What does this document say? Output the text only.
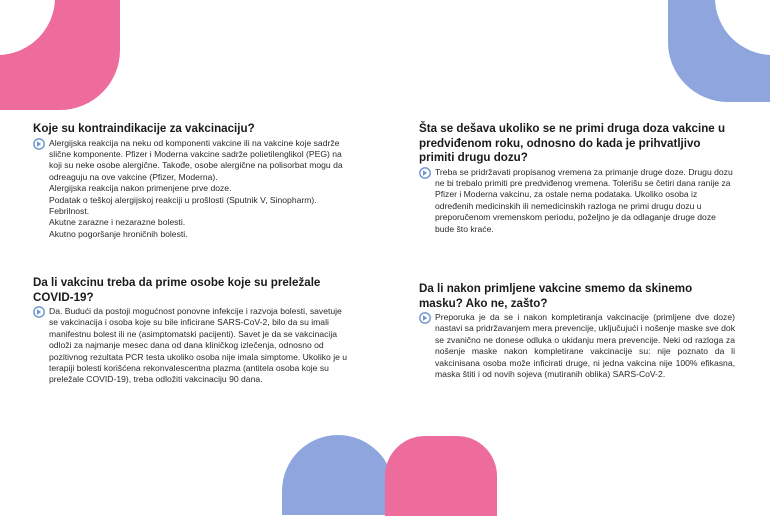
Koje su kontraindikacije za vakcinaciju?

Alergijska reakcija na neku od komponenti vakcine ili na vakcine koje sadrže slične komponente. Pfizer i Moderna vakcine sadrže polietilenglikol (PEG) na koji su neke osobe alergične. Takođe, osobe alergične na polisorbat mogu da odreaguju na ove vakcine (Pfizer, Moderna).

Alergijska reakcija nakon primenjene prve doze.

Podatak o teškoj alergijskoj reakciji u prošlosti (Sputnik V, Sinopharm).

Febrilnost.

Akutne zarazne i nezarazne bolesti.

Akutno pogoršanje hroničnih bolesti.

Da li vakcinu treba da prime osobe koje su preležale COVID-19?

Da. Budući da postoji mogućnost ponovne infekcije i razvoja bolesti, savetuje se vakcinacija i osoba koje su bile inficirane SARS-CoV-2, bilo da su imali manifestnu bolest ili ne (asimptomatski pacijenti). Savet je da se vakcinacija odloži za najmanje mesec dana od dana kliničkog izlečenja, odnosno od pozitivnog rezultata PCR testa ukoliko osoba nije imala simptome. Ukoliko je u terapiji bolesti korišćena rekonvalescentna plazma (antitela osoba koje su preležale COVID-19), treba odložiti vakcinaciju 90 dana.

Šta se dešava ukoliko se ne primi druga doza vakcine u predviđenom roku, odnosno do kada je prihvatljivo primiti drugu dozu?

Treba se pridržavati propisanog vremena za primanje druge doze. Drugu dozu ne bi trebalo primiti pre predviđenog vremena. Tolerišu se četiri dana ranije za Pfizer i Moderna vakcinu, za ostale nema podataka. Ukoliko osoba iz određenih medicinskih ili nemedicinskih razloga ne primi drugu dozu u preporučenom vremenskom periodu, poželjno je da odlaganje druge doze bude što kraće.

Da li nakon primljene vakcine smemo da skinemo masku? Ako ne, zašto?

Preporuka je da se i nakon kompletiranja vakcinacije (primljene dve doze) nastavi sa pridržavanjem mera prevencije, uključujući i nošenje maske sve dok se zvanično ne donese odluka o ukidanju mera prevencije. Neki od razloga za nošenje maske nakon kompletirane vakcinacije su: nije poznato da li vakcinisana osoba može inficirati druge, ni jedna vakcina nije 100% efikasna, maska štiti i od novih sojeva (mutiranih oblika) SARS-CoV-2.
